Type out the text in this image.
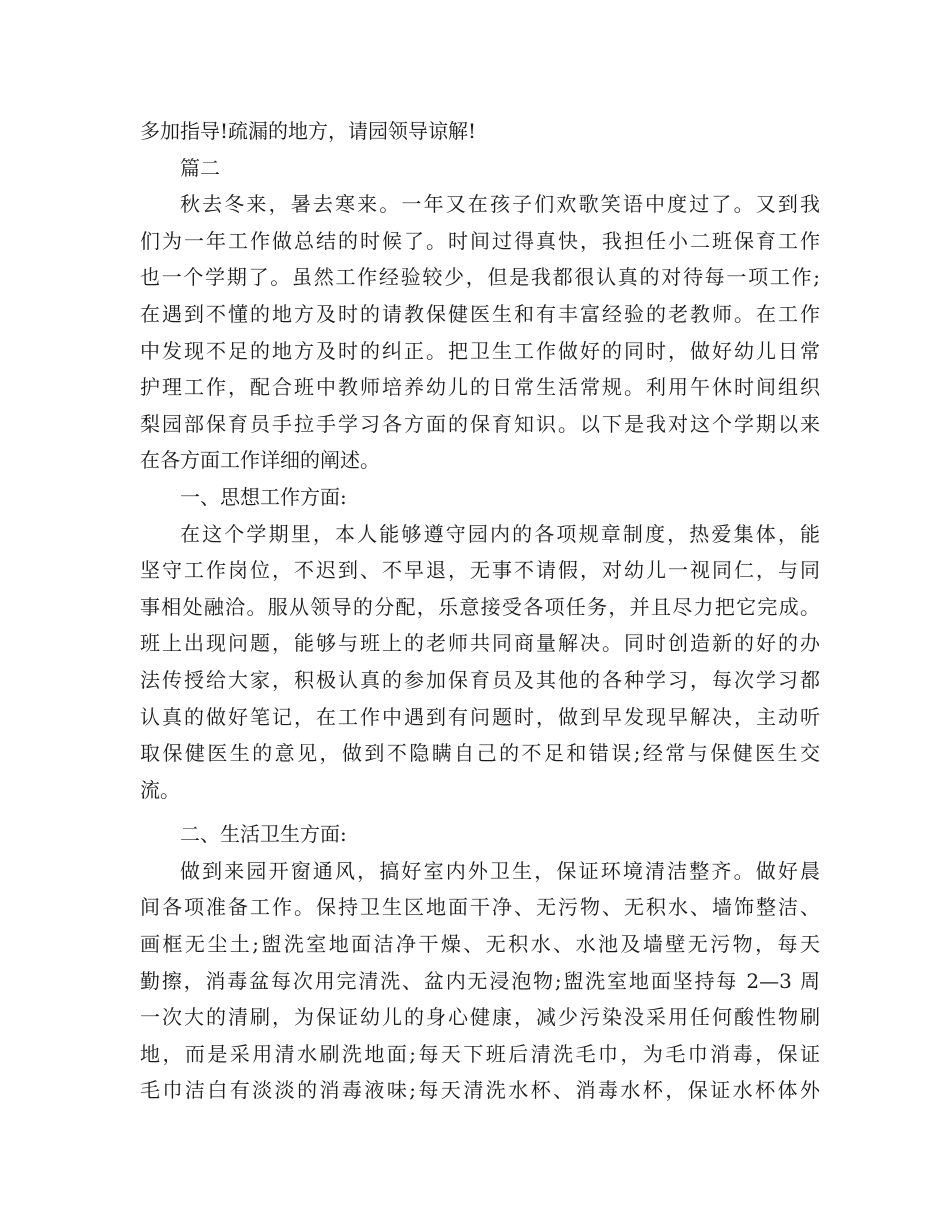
多加指导!疏漏的地方，请园领导谅解!
篇二
秋去冬来，暑去寒来。一年又在孩子们欢歌笑语中度过了。又到我
们为一年工作做总结的时候了。时间过得真快，我担任小二班保育工作
也一个学期了。虽然工作经验较少，但是我都很认真的对待每一项工作;
在遇到不懂的地方及时的请教保健医生和有丰富经验的老教师。在工作
中发现不足的地方及时的纠正。把卫生工作做好的同时，做好幼儿日常
护理工作，配合班中教师培养幼儿的日常生活常规。利用午休时间组织
梨园部保育员手拉手学习各方面的保育知识。以下是我对这个学期以来
在各方面工作详细的阐述。
一、思想工作方面:
在这个学期里，本人能够遵守园内的各项规章制度，热爱集体，能
坚守工作岗位，不迟到、不早退，无事不请假，对幼儿一视同仁，与同
事相处融洽。服从领导的分配，乐意接受各项任务，并且尽力把它完成。
班上出现问题，能够与班上的老师共同商量解决。同时创造新的好的办
法传授给大家，积极认真的参加保育员及其他的各种学习，每次学习都
认真的做好笔记，在工作中遇到有问题时，做到早发现早解决，主动听
取保健医生的意见，做到不隐瞒自己的不足和错误;经常与保健医生交
流。
二、生活卫生方面:
做到来园开窗通风，搞好室内外卫生，保证环境清洁整齐。做好晨
间各项准备工作。保持卫生区地面干净、无污物、无积水、墙饰整洁、
画框无尘土;盥洗室地面洁净干燥、无积水、水池及墙壁无污物，每天
勤擦，消毒盆每次用完清洗、盆内无浸泡物;盥洗室地面坚持每 2—3 周
一次大的清刷，为保证幼儿的身心健康，减少污染没采用任何酸性物刷
地，而是采用清水刷洗地面;每天下班后清洗毛巾，为毛巾消毒，保证
毛巾洁白有淡淡的消毒液味;每天清洗水杯、消毒水杯，保证水杯体外
